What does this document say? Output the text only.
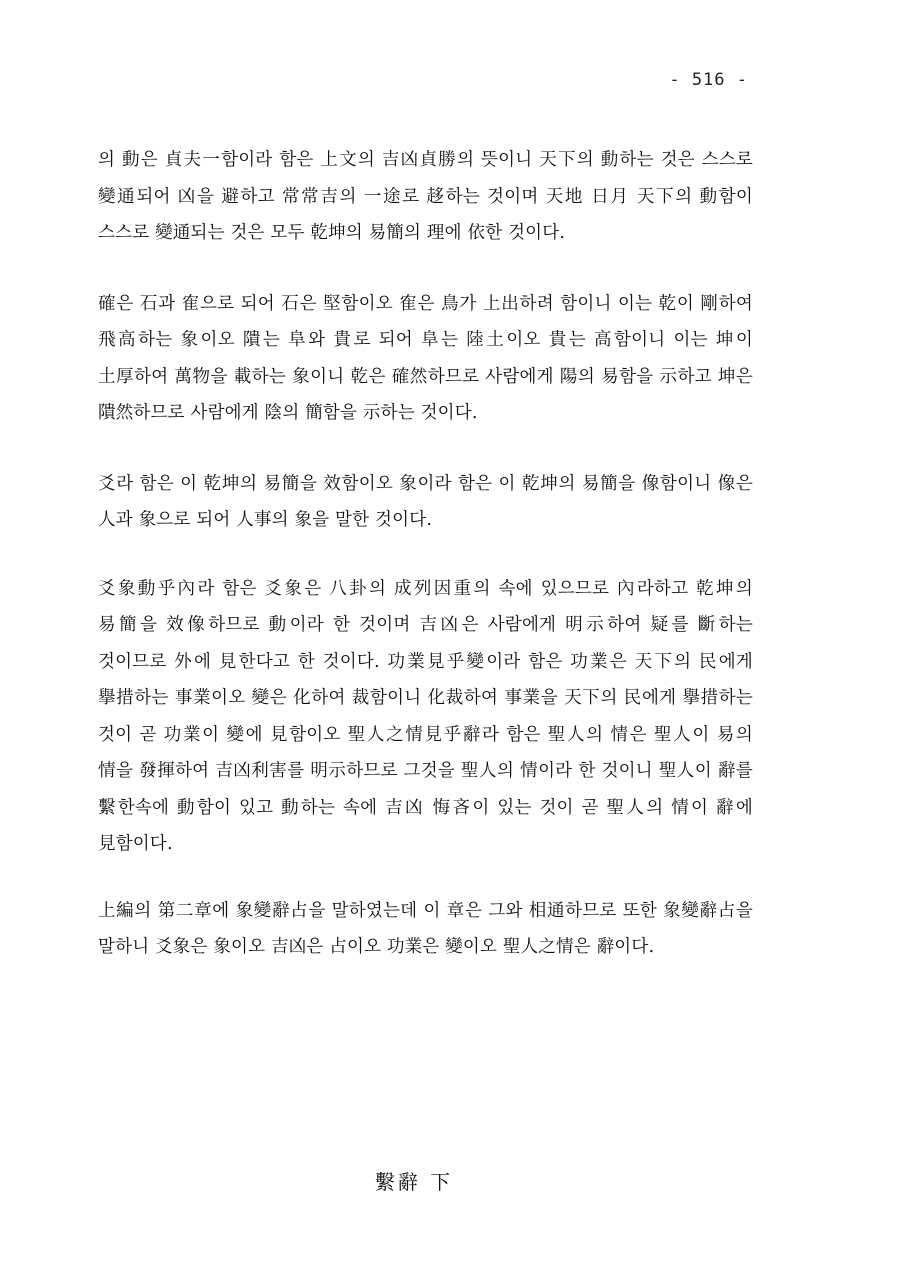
- 516 -

의 動은 貞夫一함이라 함은 上文의 吉凶貞勝의 뜻이니 天下의 動하는 것은 스스로 變通되어 凶을 避하고 常常吉의 一途로 趍하는 것이며 天地 日月 天下의 動함이 스스로 變通되는 것은 모두 乾坤의 易簡의 理에 依한 것이다.

確은 石과 隺으로 되어 石은 堅함이오 隺은 鳥가 上出하려 함이니 이는 乾이 剛하여 飛高하는 象이오 隤는 阜와 貴로 되어 阜는 陸土이오 貴는 高함이니 이는 坤이 土厚하여 萬物을 載하는 象이니 乾은 確然하므로 사람에게 陽의 易함을 示하고 坤은 隤然하므로 사람에게 陰의 簡함을 示하는 것이다.

爻라 함은 이 乾坤의 易簡을 效함이오 象이라 함은 이 乾坤의 易簡을 像함이니 像은 人과 象으로 되어 人事의 象을 말한 것이다.

爻象動乎內라 함은 爻象은 八卦의 成列因重의 속에 있으므로 內라하고 乾坤의 易簡을 效像하므로 動이라 한 것이며 吉凶은 사람에게 明示하여 疑를 斷하는 것이므로 外에 見한다고 한 것이다. 功業見乎變이라 함은 功業은 天下의 民에게 擧措하는 事業이오 變은 化하여 裁함이니 化裁하여 事業을 天下의 民에게 擧措하는 것이 곧 功業이 變에 見함이오 聖人之情見乎辭라 함은 聖人의 情은 聖人이 易의 情을 發揮하여 吉凶利害를 明示하므로 그것을 聖人의 情이라 한 것이니 聖人이 辭를 繫한속에 動함이 있고 動하는 속에 吉凶 悔吝이 있는 것이 곧 聖人의 情이 辭에 見함이다.

上編의 第二章에 象變辭占을 말하였는데 이 章은 그와 相通하므로 또한 象變辭占을 말하니 爻象은 象이오 吉凶은 占이오 功業은 變이오 聖人之情은 辭이다.

繫辭 下
